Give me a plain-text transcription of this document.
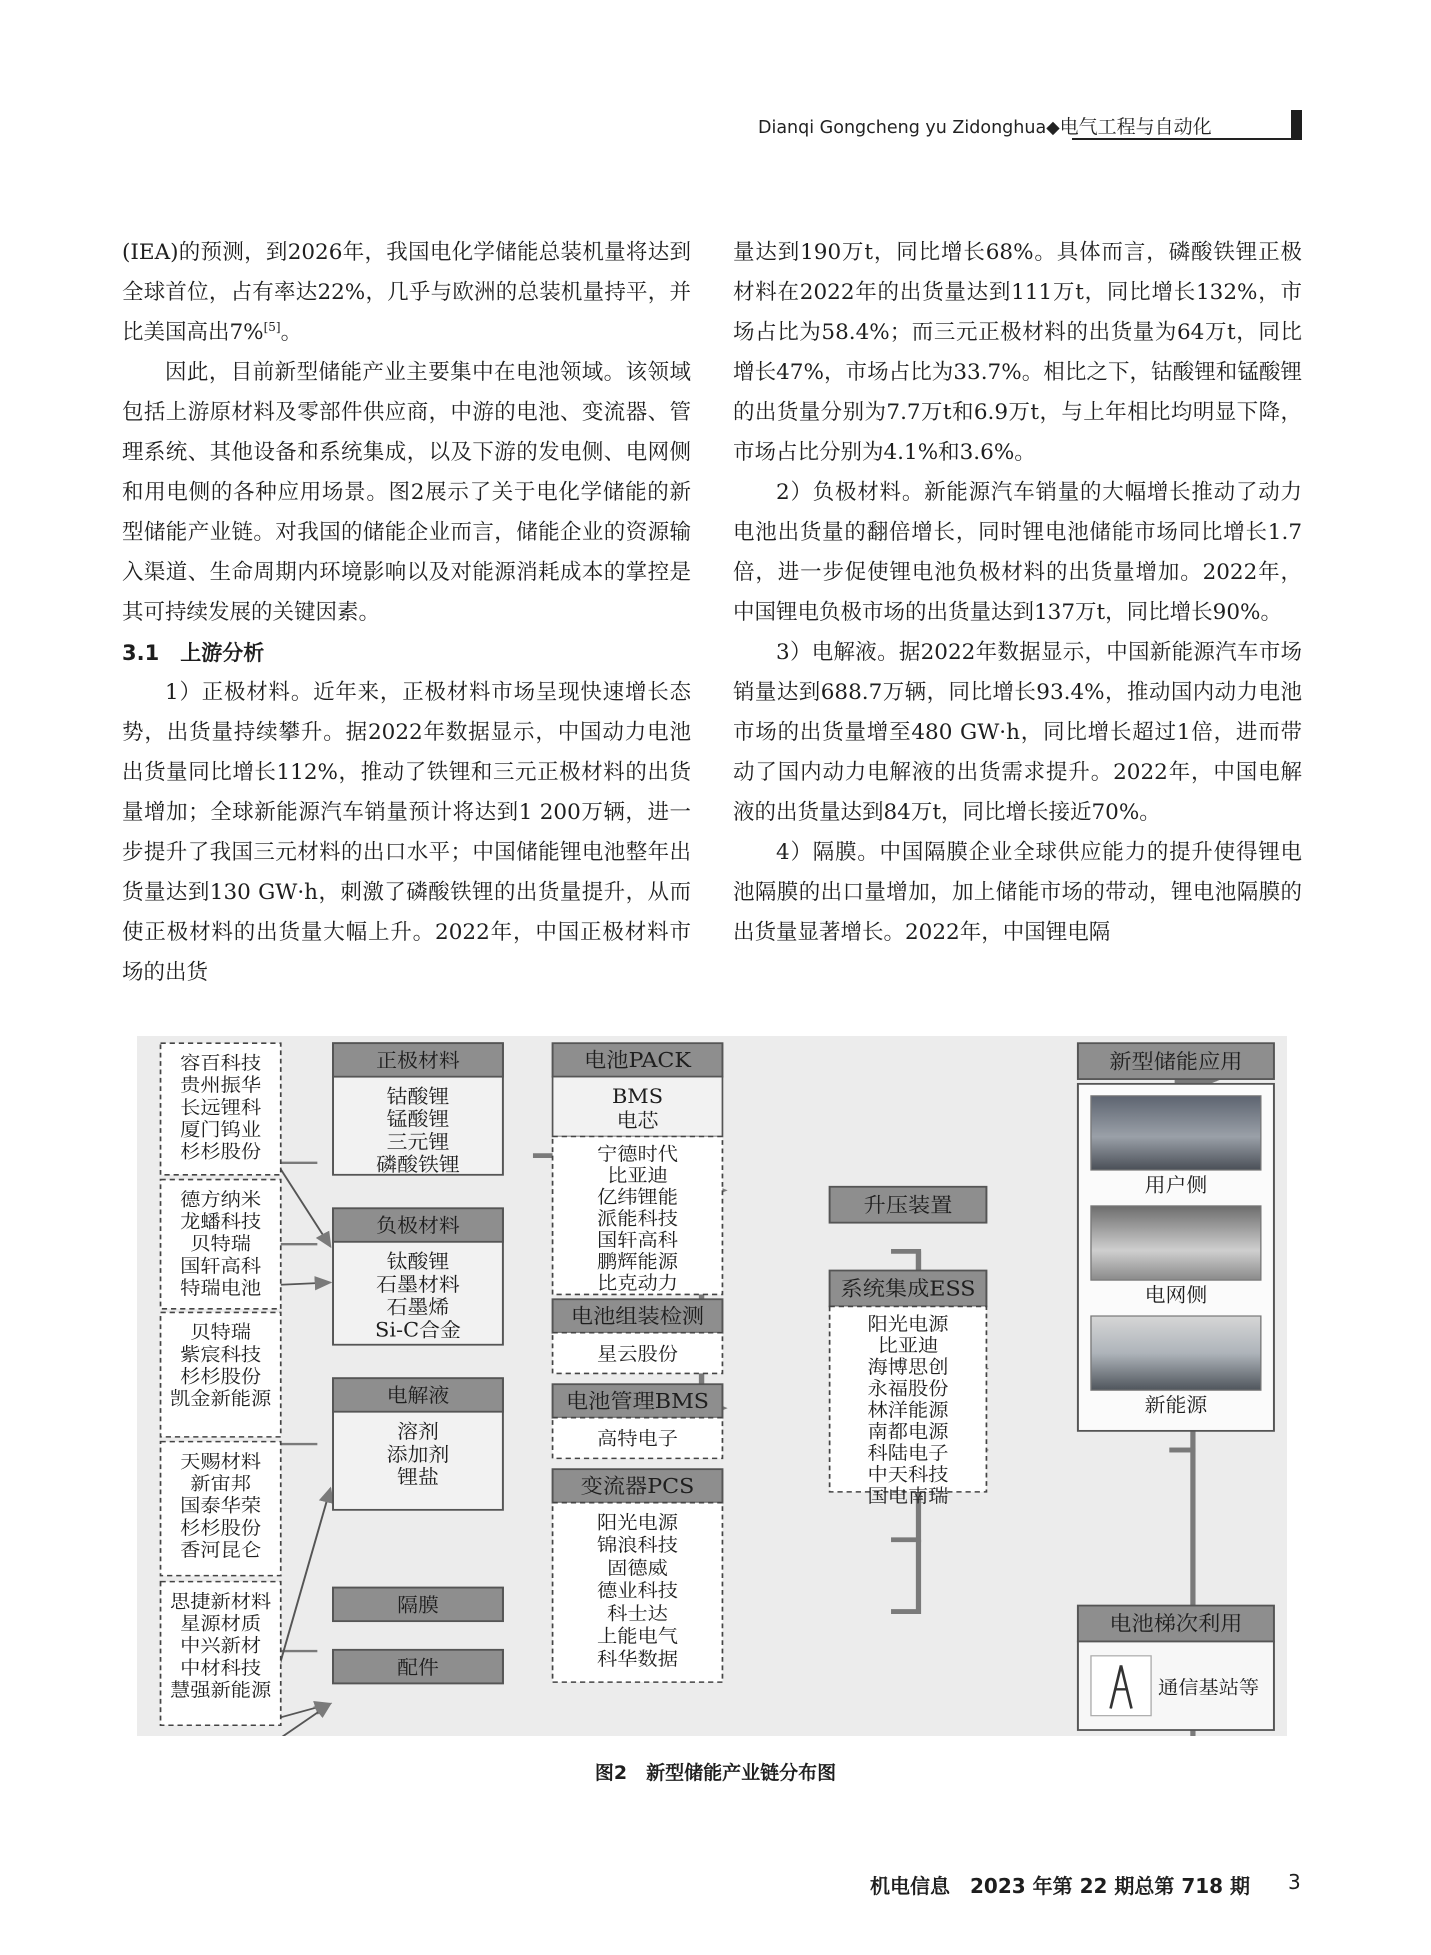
Dianqi Gongcheng yu Zidonghua◆电气工程与自动化

(IEA)的预测，到2026年，我国电化学储能总装机量将达到全球首位，占有率达22%，几乎与欧洲的总装机量持平，并比美国高出7%[5]。

因此，目前新型储能产业主要集中在电池领域。该领域包括上游原材料及零部件供应商，中游的电池、变流器、管理系统、其他设备和系统集成，以及下游的发电侧、电网侧和用电侧的各种应用场景。图2展示了关于电化学储能的新型储能产业链。对我国的储能企业而言，储能企业的资源输入渠道、生命周期内环境影响以及对能源消耗成本的掌控是其可持续发展的关键因素。

3.1　上游分析

1）正极材料。近年来，正极材料市场呈现快速增长态势，出货量持续攀升。据2022年数据显示，中国动力电池出货量同比增长112%，推动了铁锂和三元正极材料的出货量增加；全球新能源汽车销量预计将达到1 200万辆，进一步提升了我国三元材料的出口水平；中国储能锂电池整年出货量达到130 GW·h，刺激了磷酸铁锂的出货量提升，从而使正极材料的出货量大幅上升。2022年，中国正极材料市场的出货

量达到190万t，同比增长68%。具体而言，磷酸铁锂正极材料在2022年的出货量达到111万t，同比增长132%，市场占比为58.4%；而三元正极材料的出货量为64万t，同比增长47%，市场占比为33.7%。相比之下，钴酸锂和锰酸锂的出货量分别为7.7万t和6.9万t，与上年相比均明显下降，市场占比分别为4.1%和3.6%。

2）负极材料。新能源汽车销量的大幅增长推动了动力电池出货量的翻倍增长，同时锂电池储能市场同比增长1.7倍，进一步促使锂电池负极材料的出货量增加。2022年，中国锂电负极市场的出货量达到137万t，同比增长90%。

3）电解液。据2022年数据显示，中国新能源汽车市场销量达到688.7万辆，同比增长93.4%，推动国内动力电池市场的出货量增至480 GW·h，同比增长超过1倍，进而带动了国内动力电解液的出货需求提升。2022年，中国电解液的出货量达到84万t，同比增长接近70%。

4）隔膜。中国隔膜企业全球供应能力的提升使得锂电池隔膜的出口量增加，加上储能市场的带动，锂电池隔膜的出货量显著增长。2022年，中国锂电隔

容百科技
贵州振华
长远锂科
厦门钨业
杉杉股份
德方纳米
龙蟠科技
贝特瑞
国轩高科
特瑞电池
贝特瑞
紫宸科技
杉杉股份
凯金新能源
天赐材料
新宙邦
国泰华荣
杉杉股份
香河昆仑
思捷新材料
星源材质
中兴新材
中材科技
慧强新能源
正极材料
钴酸锂
锰酸锂
三元锂
磷酸铁锂
负极材料
钛酸锂
石墨材料
石墨烯
Si-C合金
电解液
溶剂
添加剂
锂盐
隔膜
配件
电池PACK
BMS
电芯
宁德时代
比亚迪
亿纬锂能
派能科技
国轩高科
鹏辉能源
比克动力
电池组装检测
星云股份
电池管理BMS
高特电子
变流器PCS
阳光电源
锦浪科技
固德威
德业科技
科士达
上能电气
科华数据
升压装置
系统集成ESS
阳光电源
比亚迪
海博思创
永福股份
林洋能源
南都电源
科陆电子
中天科技
国电南瑞
新型储能应用
用户侧
电网侧
新能源
电池梯次利用
通信基站等
图2　新型储能产业链分布图
机电信息　2023 年第 22 期总第 718 期 3
